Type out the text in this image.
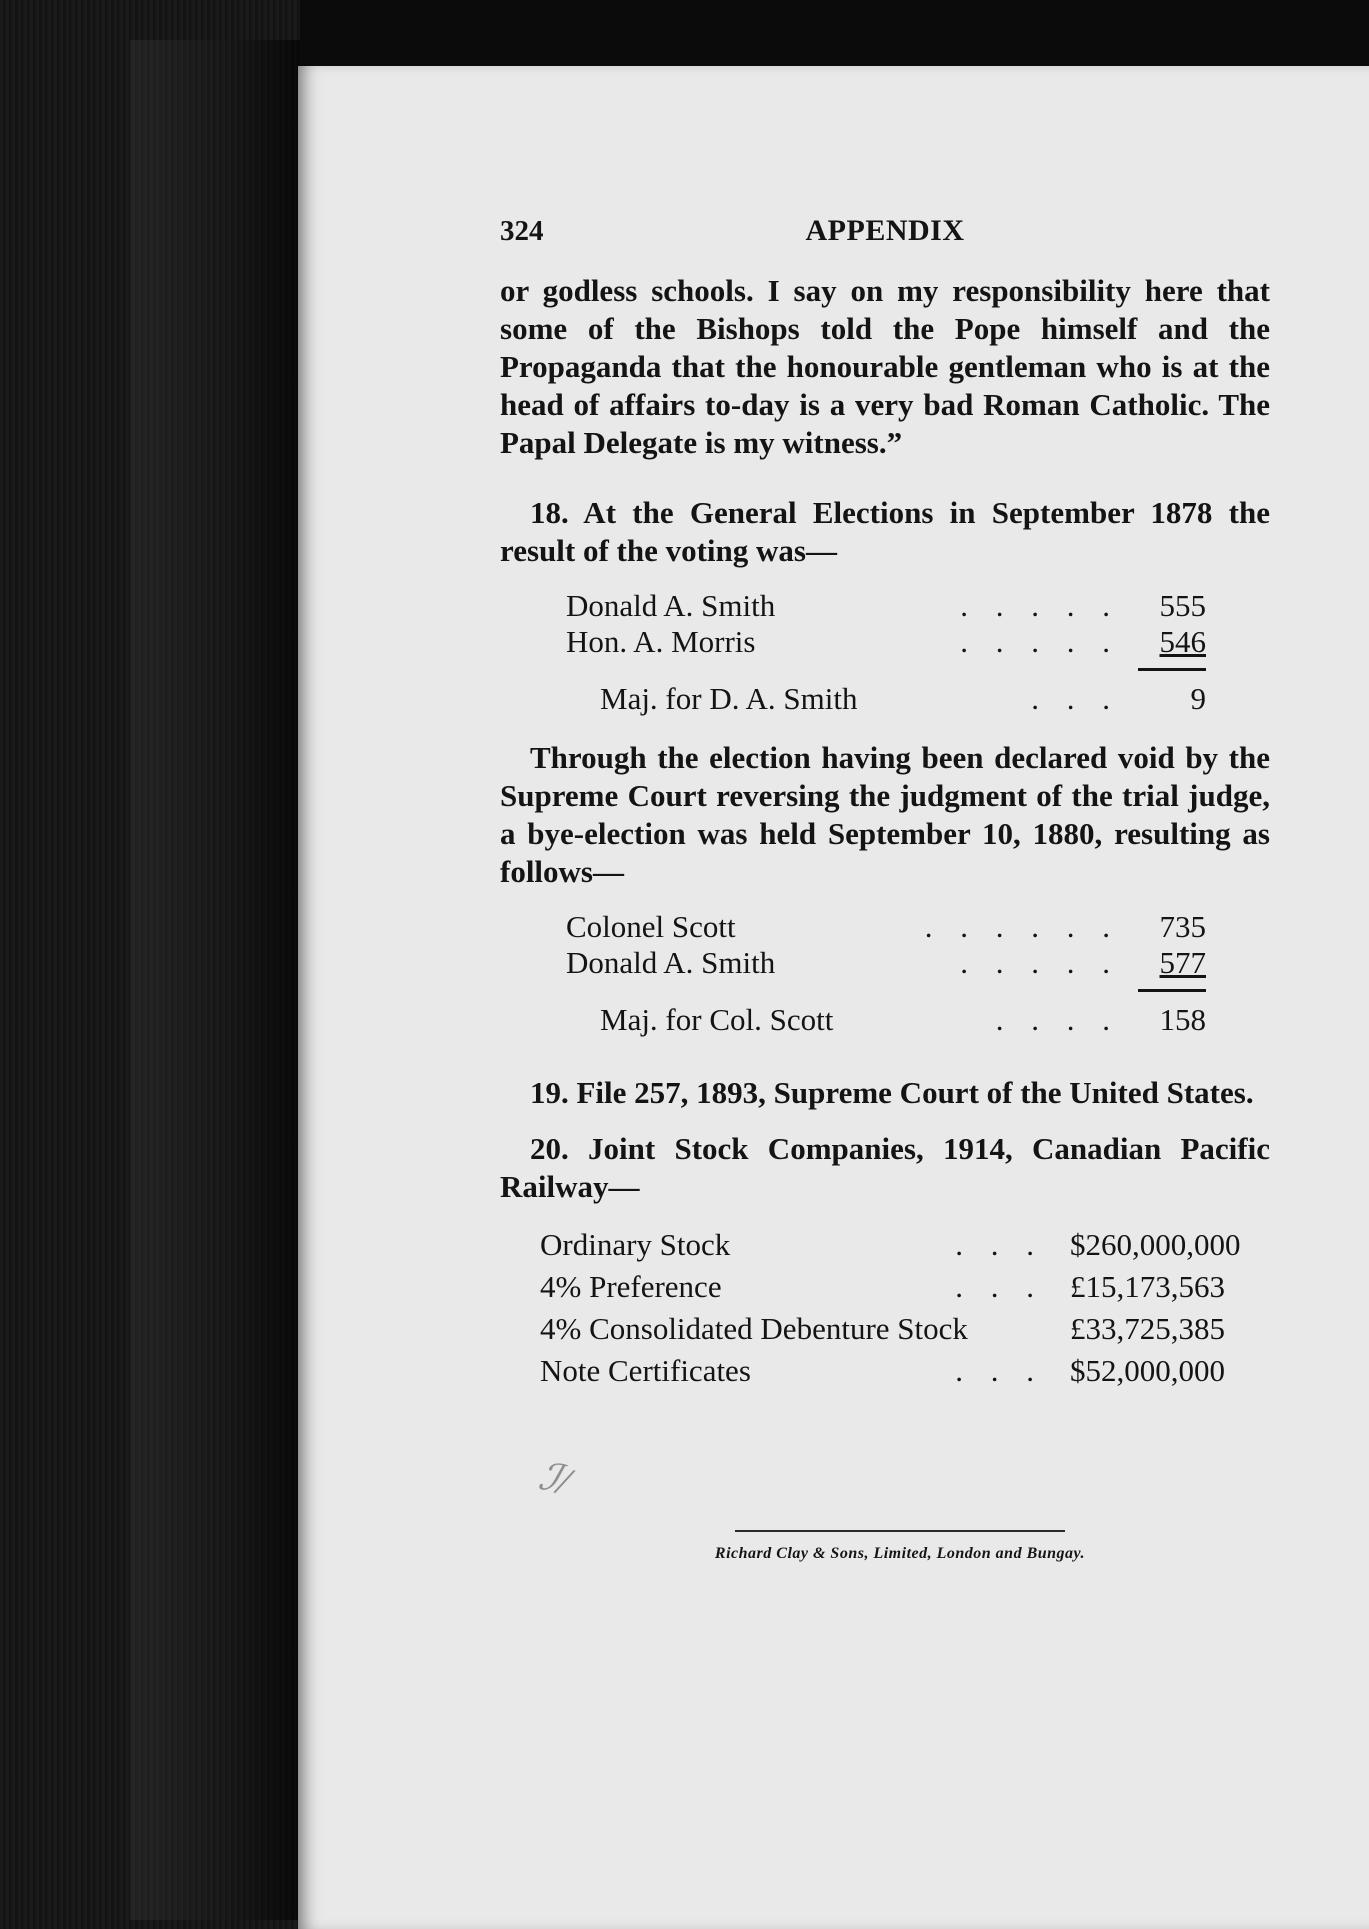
324	APPENDIX

or godless schools. I say on my responsibility here that some of the Bishops told the Pope himself and the Propaganda that the honourable gentleman who is at the head of affairs to-day is a very bad Roman Catholic. The Papal Delegate is my witness.”

18. At the General Elections in September 1878 the result of the voting was—

Donald A. Smith	. . . . .	555
Hon. A. Morris	. . . . .	546
Maj. for D. A. Smith	. . .	9

Through the election having been declared void by the Supreme Court reversing the judgment of the trial judge, a bye-election was held September 10, 1880, resulting as follows—

Colonel Scott	. . . . . .	735
Donald A. Smith	. . . . .	577
Maj. for Col. Scott	. . . .	158

19. File 257, 1893, Supreme Court of the United States.

20. Joint Stock Companies, 1914, Canadian Pacific Railway—

Ordinary Stock	. . . $260,000,000
4% Preference	. . . £15,173,563
4% Consolidated Debenture Stock	£33,725,385
Note Certificates	. . . $52,000,000
ℐ/
Richard Clay & Sons, Limited, London and Bungay.
